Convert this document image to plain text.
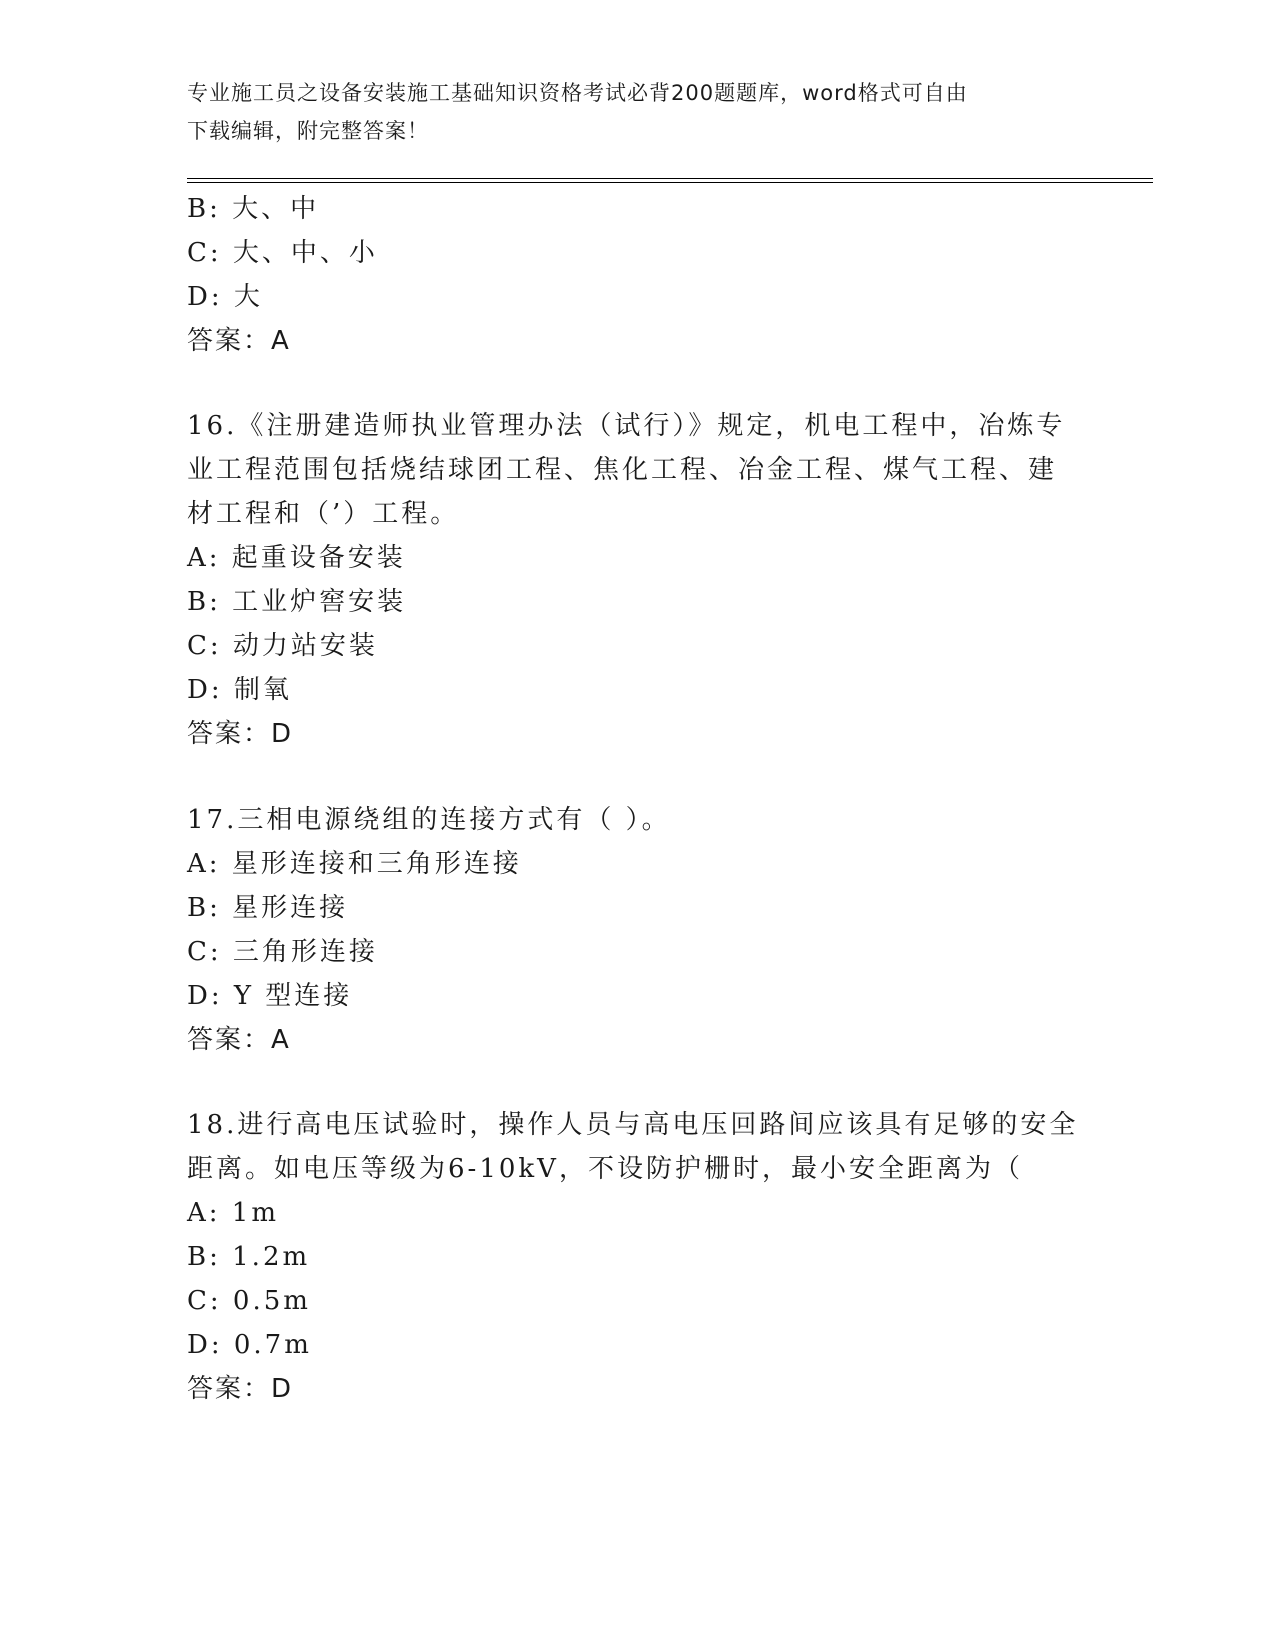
专业施工员之设备安装施工基础知识资格考试必背200题题库，word格式可自由
下载编辑，附完整答案！
B: 大、中
C: 大、中、小
D: 大
答案：A
16.《注册建造师执业管理办法（试行）》规定，机电工程中，冶炼专
业工程范围包括烧结球团工程、焦化工程、冶金工程、煤气工程、建
材工程和（’）工程。
A: 起重设备安装
B: 工业炉窖安装
C: 动力站安装
D: 制氧
答案：D
17.三相电源绕组的连接方式有（ ）。
A: 星形连接和三角形连接
B: 星形连接
C: 三角形连接
D: Y 型连接
答案：A
18.进行高电压试验时，操作人员与高电压回路间应该具有足够的安全
距离。如电压等级为6-10kV，不设防护栅时，最小安全距离为（
A: 1m
B: 1.2m
C: 0.5m
D: 0.7m
答案：D
